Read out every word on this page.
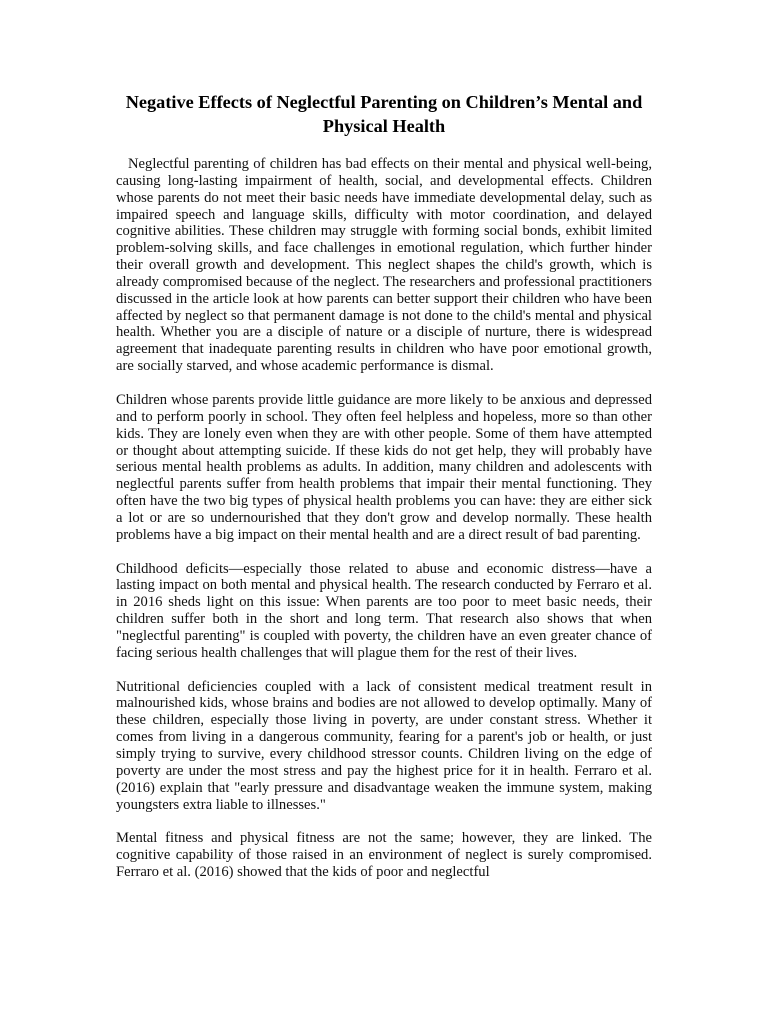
Negative Effects of Neglectful Parenting on Children’s Mental and Physical Health

Neglectful parenting of children has bad effects on their mental and physical well-being, causing long-lasting impairment of health, social, and developmental effects. Children whose parents do not meet their basic needs have immediate developmental delay, such as impaired speech and language skills, difficulty with motor coordination, and delayed cognitive abilities. These children may struggle with forming social bonds, exhibit limited problem-solving skills, and face challenges in emotional regulation, which further hinder their overall growth and development. This neglect shapes the child's growth, which is already compromised because of the neglect. The researchers and professional practitioners discussed in the article look at how parents can better support their children who have been affected by neglect so that permanent damage is not done to the child's mental and physical health. Whether you are a disciple of nature or a disciple of nurture, there is widespread agreement that inadequate parenting results in children who have poor emotional growth, are socially starved, and whose academic performance is dismal.

Children whose parents provide little guidance are more likely to be anxious and depressed and to perform poorly in school. They often feel helpless and hopeless, more so than other kids. They are lonely even when they are with other people. Some of them have attempted or thought about attempting suicide. If these kids do not get help, they will probably have serious mental health problems as adults. In addition, many children and adolescents with neglectful parents suffer from health problems that impair their mental functioning. They often have the two big types of physical health problems you can have: they are either sick a lot or are so undernourished that they don't grow and develop normally. These health problems have a big impact on their mental health and are a direct result of bad parenting.

Childhood deficits—especially those related to abuse and economic distress—have a lasting impact on both mental and physical health. The research conducted by Ferraro et al. in 2016 sheds light on this issue: When parents are too poor to meet basic needs, their children suffer both in the short and long term. That research also shows that when "neglectful parenting" is coupled with poverty, the children have an even greater chance of facing serious health challenges that will plague them for the rest of their lives.

Nutritional deficiencies coupled with a lack of consistent medical treatment result in malnourished kids, whose brains and bodies are not allowed to develop optimally. Many of these children, especially those living in poverty, are under constant stress. Whether it comes from living in a dangerous community, fearing for a parent's job or health, or just simply trying to survive, every childhood stressor counts. Children living on the edge of poverty are under the most stress and pay the highest price for it in health. Ferraro et al. (2016) explain that "early pressure and disadvantage weaken the immune system, making youngsters extra liable to illnesses."

Mental fitness and physical fitness are not the same; however, they are linked. The cognitive capability of those raised in an environment of neglect is surely compromised. Ferraro et al. (2016) showed that the kids of poor and neglectful
